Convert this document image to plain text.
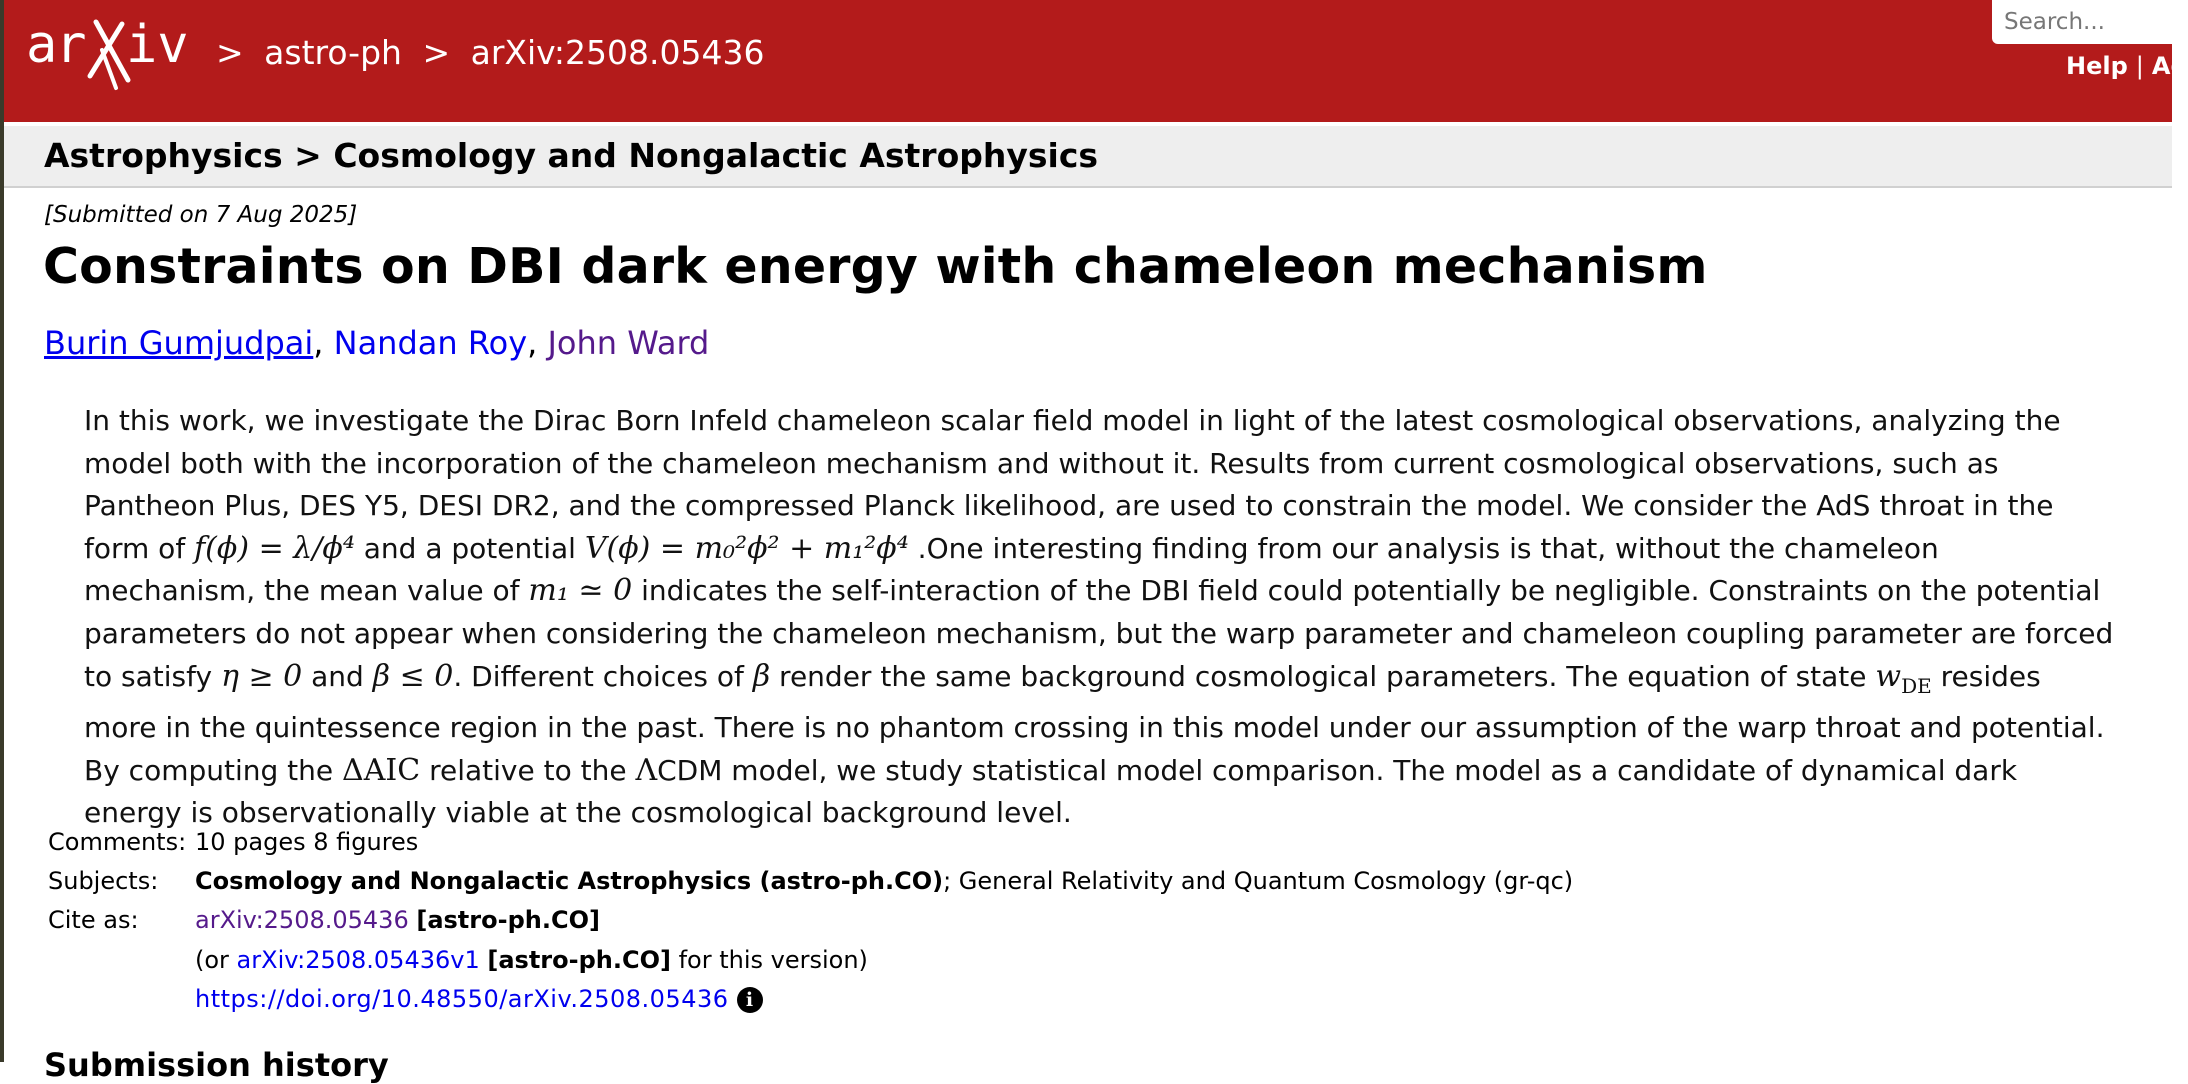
ar iv > astro-ph > arXiv:2508.05436
Search...	Help | Ad
Astrophysics > Cosmology and Nongalactic Astrophysics
[Submitted on 7 Aug 2025]
Constraints on DBI dark energy with chameleon mechanism
Burin Gumjudpai, Nandan Roy, John Ward
In this work, we investigate the Dirac Born Infeld chameleon scalar field model in light of the latest cosmological observations, analyzing the model both with the incorporation of the chameleon mechanism and without it. Results from current cosmological observations, such as Pantheon Plus, DES Y5, DESI DR2, and the compressed Planck likelihood, are used to constrain the model. We consider the AdS throat in the form of f(ϕ) = λ/ϕ⁴ and a potential V(ϕ) = m₀²ϕ² + m₁²ϕ⁴ .One interesting finding from our analysis is that, without the chameleon mechanism, the mean value of m₁ ≃ 0 indicates the self-interaction of the DBI field could potentially be negligible. Constraints on the potential parameters do not appear when considering the chameleon mechanism, but the warp parameter and chameleon coupling parameter are forced to satisfy η ≥ 0 and β ≤ 0. Different choices of β render the same background cosmological parameters. The equation of state $w_{DE}$ resides more in the quintessence region in the past. There is no phantom crossing in this model under our assumption of the warp throat and potential. By computing the ΔAIC relative to the ΛCDM model, we study statistical model comparison. The model as a candidate of dynamical dark energy is observationally viable at the cosmological background level.
Comments: 10 pages 8 figures
Subjects:	Cosmology and Nongalactic Astrophysics (astro-ph.CO); General Relativity and Quantum Cosmology (gr-qc)
Cite as:	arXiv:2508.05436 [astro-ph.CO]
(or arXiv:2508.05436v1 [astro-ph.CO] for this version)
https://doi.org/10.48550/arXiv.2508.05436 i
Submission history
